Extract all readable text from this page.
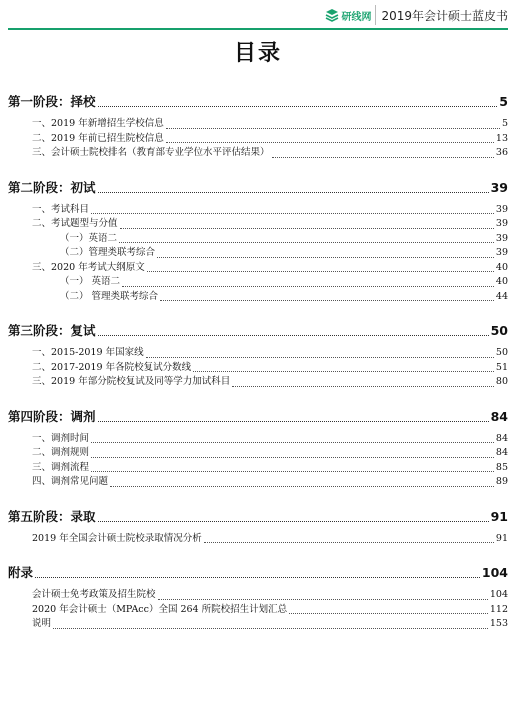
研线网 2019年会计硕士蓝皮书
目录
第一阶段：择校	5
一、2019 年新增招生学校信息	5
二、2019 年前已招生院校信息	13
三、会计硕士院校排名（教育部专业学位水平评估结果）	36
第二阶段：初试	39
一、考试科目	39
二、考试题型与分值	39
（一）英语二	39
（二）管理类联考综合	39
三、2020 年考试大纲原文	40
（一） 英语二	40
（二） 管理类联考综合	44
第三阶段：复试	50
一、2015-2019 年国家线	50
二、2017-2019 年各院校复试分数线	51
三、2019 年部分院校复试及同等学力加试科目	80
第四阶段：调剂	84
一、调剂时间	84
二、调剂规则	84
三、调剂流程	85
四、调剂常见问题	89
第五阶段：录取	91
2019 年全国会计硕士院校录取情况分析	91
附录	104
会计硕士免考政策及招生院校	104
2020 年会计硕士（MPAcc）全国 264 所院校招生计划汇总	112
说明	153
